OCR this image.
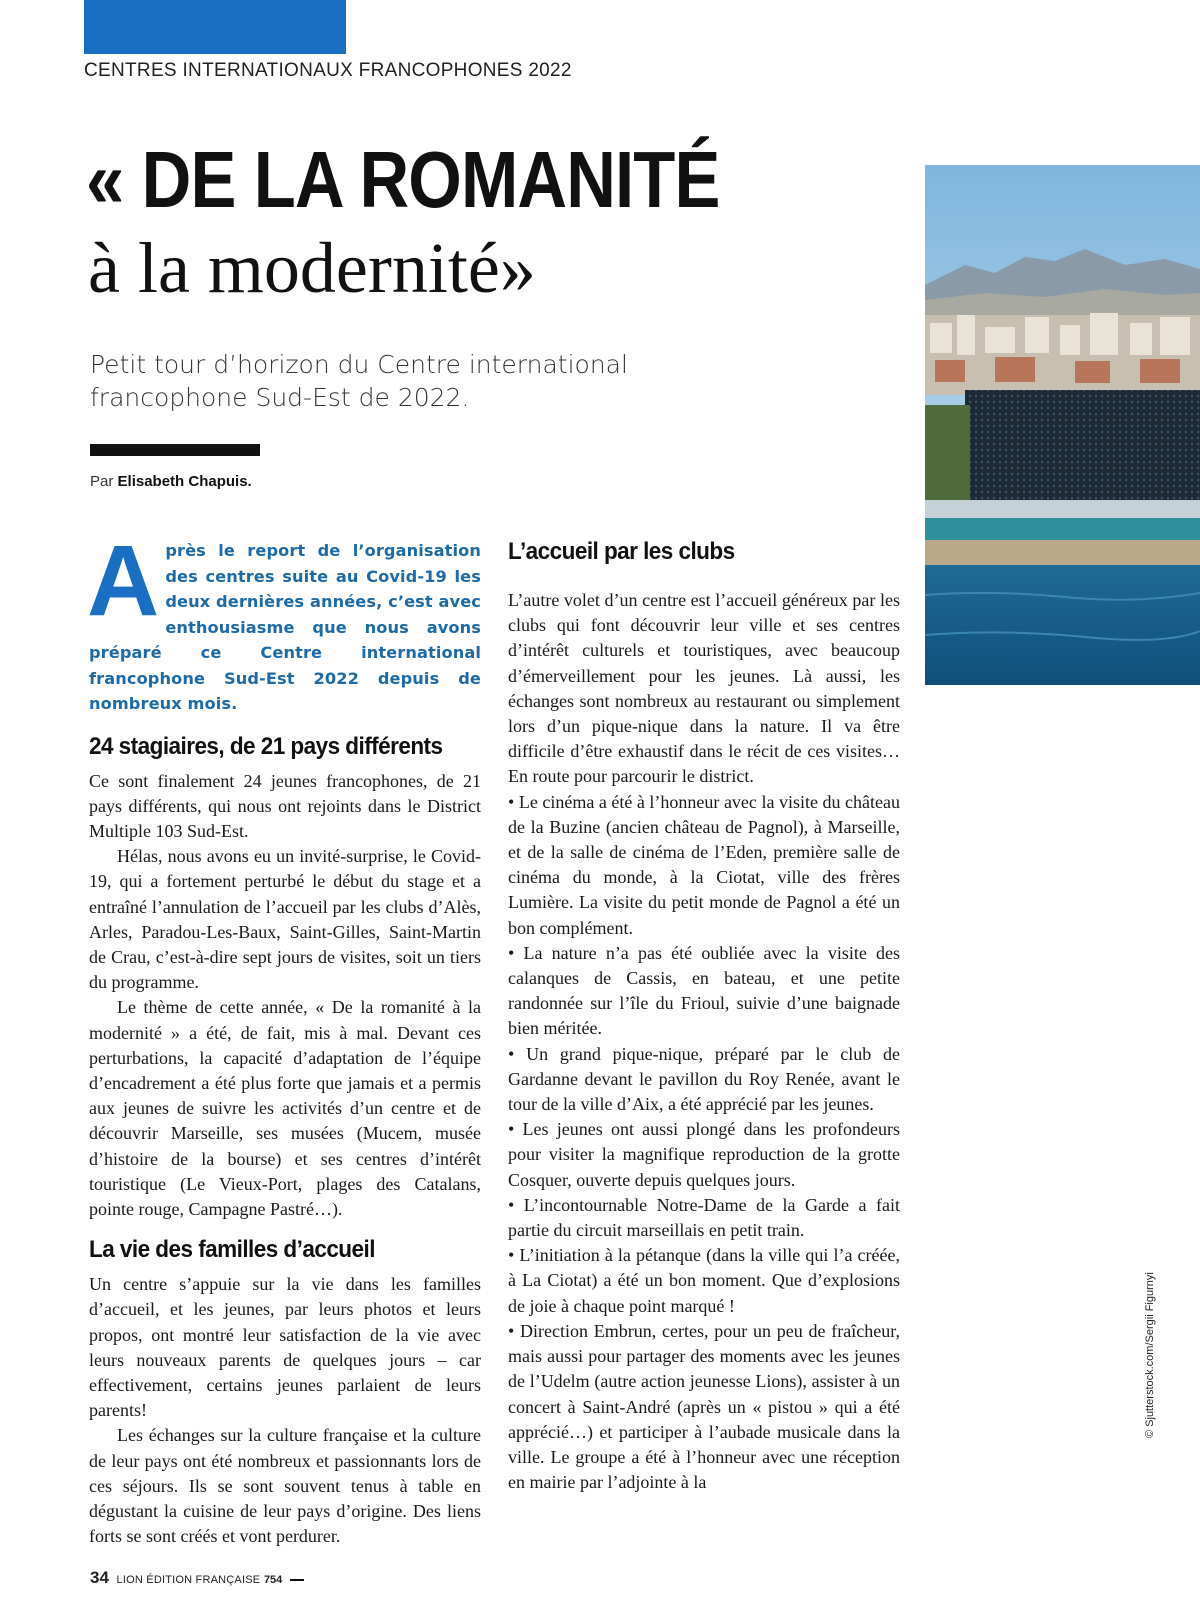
CENTRES INTERNATIONAUX FRANCOPHONES 2022
« DE LA ROMANITÉ
à la modernité»

Petit tour d’horizon du Centre international francophone Sud-Est de 2022.

Par Elisabeth Chapuis.

A près le report de l’organisation des centres suite au Covid-19 les deux dernières années, c’est avec enthousiasme que nous avons préparé ce Centre international francophone Sud-Est 2022 depuis de nombreux mois.

24 stagiaires, de 21 pays différents

Ce sont finalement 24 jeunes francophones, de 21 pays différents, qui nous ont rejoints dans le District Multiple 103 Sud-Est.

Hélas, nous avons eu un invité-surprise, le Covid-19, qui a fortement perturbé le début du stage et a entraîné l’annulation de l’accueil par les clubs d’Alès, Arles, Paradou-Les-Baux, Saint-Gilles, Saint-Martin de Crau, c’est-à-dire sept jours de visites, soit un tiers du programme.

Le thème de cette année, « De la romanité à la modernité » a été, de fait, mis à mal. Devant ces perturbations, la capacité d’adaptation de l’équipe d’encadrement a été plus forte que jamais et a permis aux jeunes de suivre les activités d’un centre et de découvrir Marseille, ses musées (Mucem, musée d’histoire de la bourse) et ses centres d’intérêt touristique (Le Vieux-Port, plages des Catalans, pointe rouge, Campagne Pastré…).

La vie des familles d’accueil

Un centre s’appuie sur la vie dans les familles d’accueil, et les jeunes, par leurs photos et leurs propos, ont montré leur satisfaction de la vie avec leurs nouveaux parents de quelques jours – car effectivement, certains jeunes parlaient de leurs parents!

Les échanges sur la culture française et la culture de leur pays ont été nombreux et passionnants lors de ces séjours. Ils se sont souvent tenus à table en dégustant la cuisine de leur pays d’origine. Des liens forts se sont créés et vont perdurer.

L’accueil par les clubs

L’autre volet d’un centre est l’accueil généreux par les clubs qui font découvrir leur ville et ses centres d’intérêt culturels et touristiques, avec beaucoup d’émerveillement pour les jeunes. Là aussi, les échanges sont nombreux au restaurant ou simplement lors d’un pique-nique dans la nature. Il va être difficile d’être exhaustif dans le récit de ces visites… En route pour parcourir le district.

• Le cinéma a été à l’honneur avec la visite du château de la Buzine (ancien château de Pagnol), à Marseille, et de la salle de cinéma de l’Eden, première salle de cinéma du monde, à la Ciotat, ville des frères Lumière. La visite du petit monde de Pagnol a été un bon complément.

• La nature n’a pas été oubliée avec la visite des calanques de Cassis, en bateau, et une petite randonnée sur l’île du Frioul, suivie d’une baignade bien méritée.

• Un grand pique-nique, préparé par le club de Gardanne devant le pavillon du Roy Renée, avant le tour de la ville d’Aix, a été apprécié par les jeunes.

• Les jeunes ont aussi plongé dans les profondeurs pour visiter la magnifique reproduction de la grotte Cosquer, ouverte depuis quelques jours.

• L’incontournable Notre-Dame de la Garde a fait partie du circuit marseillais en petit train.

• L’initiation à la pétanque (dans la ville qui l’a créée, à La Ciotat) a été un bon moment. Que d’explosions de joie à chaque point marqué !

• Direction Embrun, certes, pour un peu de fraîcheur, mais aussi pour partager des moments avec les jeunes de l’Udelm (autre action jeunesse Lions), assister à un concert à Saint-André (après un « pistou » qui a été apprécié…) et participer à l’aubade musicale dans la ville. Le groupe a été à l’honneur avec une réception en mairie par l’adjointe à la

© Sjutterstock.com/Sergii Figurnyi
34 LION ÉDITION FRANÇAISE 754
